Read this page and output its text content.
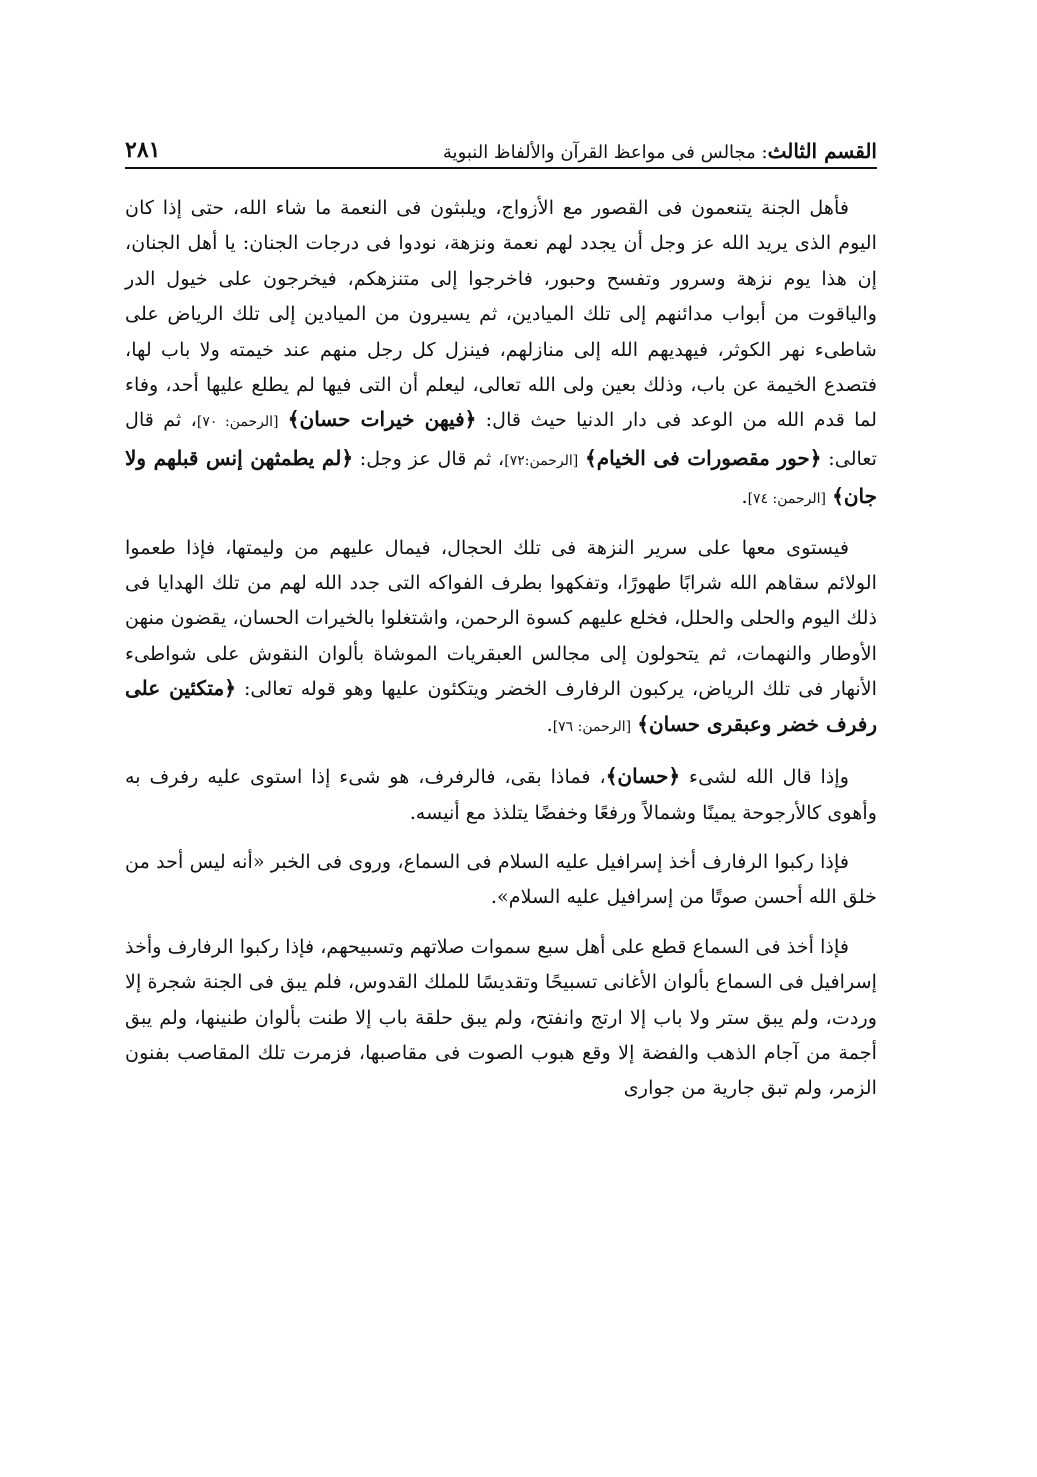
القسم الثالث: مجالس فى مواعظ القرآن والألفاظ النبوية
٢٨١

فأهل الجنة يتنعمون فى القصور مع الأزواج، ويلبثون فى النعمة ما شاء الله، حتى إذا كان اليوم الذى يريد الله عز وجل أن يجدد لهم نعمة ونزهة، نودوا فى درجات الجنان: يا أهل الجنان، إن هذا يوم نزهة وسرور وتفسح وحبور، فاخرجوا إلى متنزهكم، فيخرجون على خيول الدر والياقوت من أبواب مدائنهم إلى تلك الميادين، ثم يسيرون من الميادين إلى تلك الرياض على شاطىء نهر الكوثر، فيهديهم الله إلى منازلهم، فينزل كل رجل منهم عند خيمته ولا باب لها، فتصدع الخيمة عن باب، وذلك بعين ولى الله تعالى، ليعلم أن التى فيها لم يطلع عليها أحد، وفاء لما قدم الله من الوعد فى دار الدنيا حيث قال: ﴿فيهن خيرات حسان﴾ [الرحمن: ٧٠]، ثم قال تعالى: ﴿حور مقصورات فى الخيام﴾ [الرحمن:٧٢]، ثم قال عز وجل: ﴿لم يطمثهن إنس قبلهم ولا جان﴾ [الرحمن: ٧٤].

فيستوى معها على سرير النزهة فى تلك الحجال، فيمال عليهم من وليمتها، فإذا طعموا الولائم سقاهم الله شرابًا طهورًا، وتفكهوا بطرف الفواكه التى جدد الله لهم من تلك الهدايا فى ذلك اليوم والحلى والحلل، فخلع عليهم كسوة الرحمن، واشتغلوا بالخيرات الحسان، يقضون منهن الأوطار والنهمات، ثم يتحولون إلى مجالس العبقريات الموشاة بألوان النقوش على شواطىء الأنهار فى تلك الرياض، يركبون الرفارف الخضر ويتكئون عليها وهو قوله تعالى: ﴿متكئين على رفرف خضر وعبقرى حسان﴾ [الرحمن: ٧٦].

وإذا قال الله لشىء ﴿حسان﴾، فماذا بقى، فالرفرف، هو شىء إذا استوى عليه رفرف به وأهوى كالأرجوحة يمينًا وشمالاً ورفعًا وخفضًا يتلذذ مع أنيسه.

فإذا ركبوا الرفارف أخذ إسرافيل عليه السلام فى السماع، وروى فى الخبر «أنه ليس أحد من خلق الله أحسن صوتًا من إسرافيل عليه السلام».

فإذا أخذ فى السماع قطع على أهل سبع سموات صلاتهم وتسبيحهم، فإذا ركبوا الرفارف وأخذ إسرافيل فى السماع بألوان الأغانى تسبيحًا وتقديسًا للملك القدوس، فلم يبق فى الجنة شجرة إلا وردت، ولم يبق ستر ولا باب إلا ارتج وانفتح، ولم يبق حلقة باب إلا طنت بألوان طنينها، ولم يبق أجمة من آجام الذهب والفضة إلا وقع هبوب الصوت فى مقاصبها، فزمرت تلك المقاصب بفنون الزمر، ولم تبق جارية من جوارى
